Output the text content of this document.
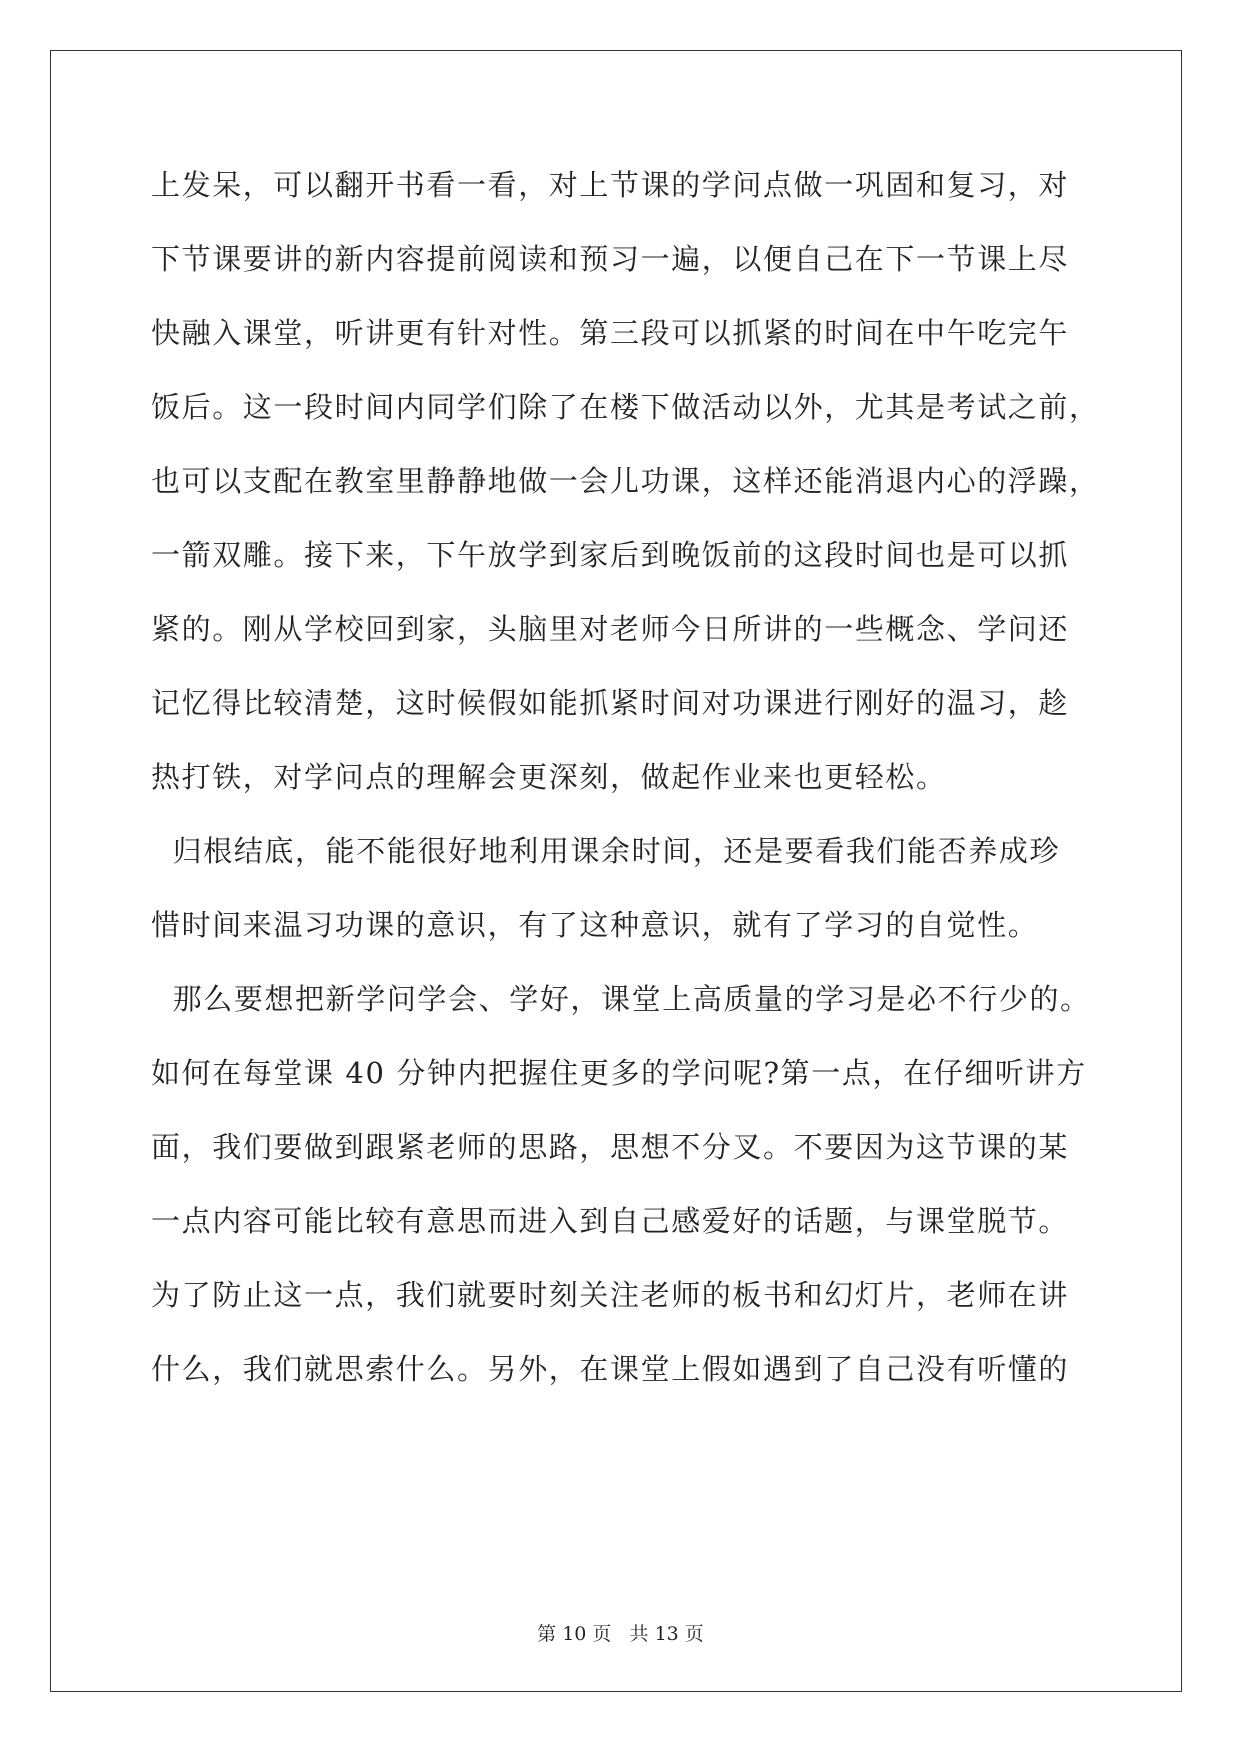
上发呆，可以翻开书看一看，对上节课的学问点做一巩固和复习，对
下节课要讲的新内容提前阅读和预习一遍，以便自己在下一节课上尽
快融入课堂，听讲更有针对性。第三段可以抓紧的时间在中午吃完午
饭后。这一段时间内同学们除了在楼下做活动以外，尤其是考试之前，
也可以支配在教室里静静地做一会儿功课，这样还能消退内心的浮躁，
一箭双雕。接下来，下午放学到家后到晚饭前的这段时间也是可以抓
紧的。刚从学校回到家，头脑里对老师今日所讲的一些概念、学问还
记忆得比较清楚，这时候假如能抓紧时间对功课进行刚好的温习，趁
热打铁，对学问点的理解会更深刻，做起作业来也更轻松。
归根结底，能不能很好地利用课余时间，还是要看我们能否养成珍
惜时间来温习功课的意识，有了这种意识，就有了学习的自觉性。
那么要想把新学问学会、学好，课堂上高质量的学习是必不行少的。
如何在每堂课 40 分钟内把握住更多的学问呢?第一点，在仔细听讲方
面，我们要做到跟紧老师的思路，思想不分叉。不要因为这节课的某
一点内容可能比较有意思而进入到自己感爱好的话题，与课堂脱节。
为了防止这一点，我们就要时刻关注老师的板书和幻灯片，老师在讲
什么，我们就思索什么。另外，在课堂上假如遇到了自己没有听懂的
第 10 页   共 13 页
